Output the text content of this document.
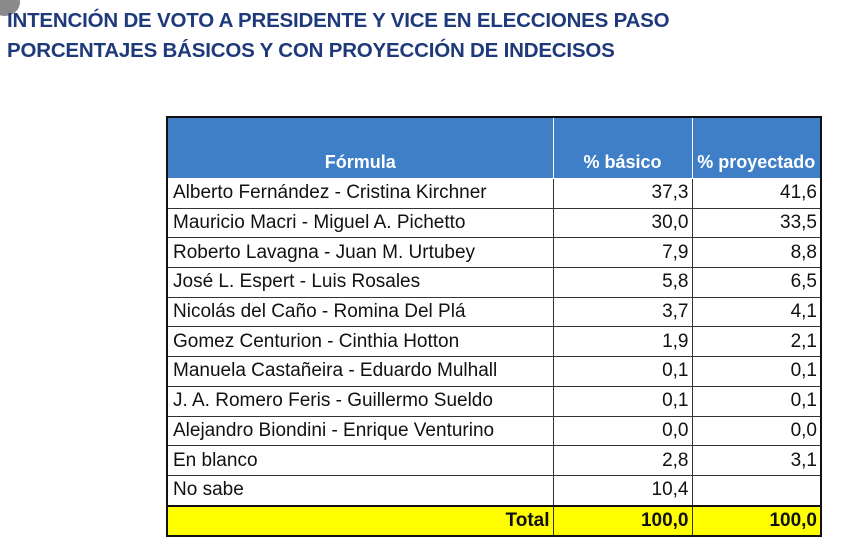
INTENCIÓN DE VOTO A PRESIDENTE Y VICE EN ELECCIONES PASO
PORCENTAJES BÁSICOS Y CON PROYECCIÓN DE INDECISOS
Fórmula	% básico	% proyectado
Alberto Fernández - Cristina Kirchner	37,3	41,6
Mauricio Macri - Miguel A. Pichetto	30,0	33,5
Roberto Lavagna - Juan M. Urtubey	7,9	8,8
José L. Espert - Luis Rosales	5,8	6,5
Nicolás del Caño - Romina Del Plá	3,7	4,1
Gomez Centurion - Cinthia Hotton	1,9	2,1
Manuela Castañeira - Eduardo Mulhall	0,1	0,1
J. A. Romero Feris - Guillermo Sueldo	0,1	0,1
Alejandro Biondini - Enrique Venturino	0,0	0,0
En blanco	2,8	3,1
No sabe	10,4	
Total	100,0	100,0
